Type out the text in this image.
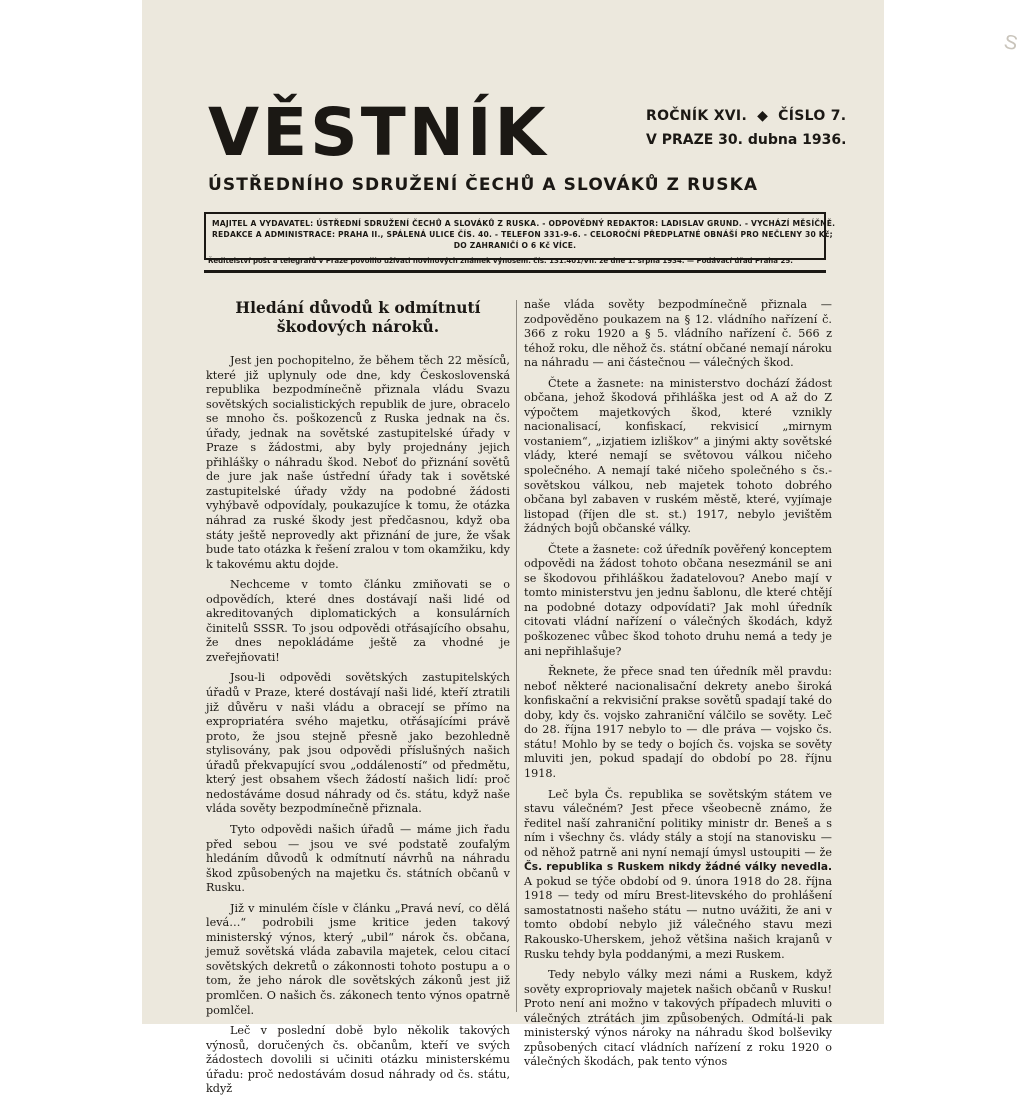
S
VĚSTNÍK	ROČNÍK XVI. ◆ ČÍSLO 7.
V PRAZE 30. dubna 1936.
ÚSTŘEDNÍHO SDRUŽENÍ ČECHŮ A SLOVÁKŮ Z RUSKA
MAJITEL A VYDAVATEL: ÚSTŘEDNÍ SDRUŽENÍ ČECHŮ A SLOVÁKŮ Z RUSKA. - ODPOVĚDNÝ REDAKTOR: LADISLAV GRUND. - VYCHÁZÍ MĚSÍČNĚ.
REDAKCE A ADMINISTRACE: PRAHA II., SPÁLENÁ ULICE ČÍS. 40. - TELEFON 331-9-6. - CELOROČNÍ PŘEDPLATNÉ OBNÁŠÍ PRO NEČLENY 30 Kč;
DO ZAHRANIČÍ O 6 Kč VÍCE.
Ředitelství pošt a telegrafů v Praze povolilo užívati novinových známek výnosem. čís. 131.401/VII. ze dne 1. srpna 1934. — Podávací úřad Praha 25.
Hledání důvodů k odmítnutí škodových nároků.

Jest jen pochopitelno, že během těch 22 měsíců, které již uplynuly ode dne, kdy Československá republika bezpodmínečně přiznala vládu Svazu sovětských socialistických republik de jure, obracelo se mnoho čs. poškozenců z Ruska jednak na čs. úřady, jednak na sovětské zastupitelské úřady v Praze s žádostmi, aby byly projednány jejich přihlášky o náhradu škod. Neboť do přiznání sovětů de jure jak naše ústřední úřady tak i sovětské zastupitelské úřady vždy na podobné žádosti vyhýbavě odpovídaly, poukazujíce k tomu, že otázka náhrad za ruské škody jest předčasnou, když oba státy ještě neprovedly akt přiznání de jure, že však bude tato otázka k řešení zralou v tom okamžiku, kdy k takovému aktu dojde.

Nechceme v tomto článku zmiňovati se o odpovědích, které dnes dostávají naši lidé od akreditovaných diplomatických a konsulárních činitelů SSSR. To jsou odpovědi otřásajícího obsahu, že dnes nepokládáme ještě za vhodné je zveřejňovati!

Jsou-li odpovědi sovětských zastupitelských úřadů v Praze, které dostávají naši lidé, kteří ztratili již důvěru v naši vládu a obracejí se přímo na expropriatéra svého majetku, otřásajícími právě proto, že jsou stejně přesně jako bezohledně stylisovány, pak jsou odpovědi příslušných našich úřadů překvapující svou „oddáleností“ od předmětu, který jest obsahem všech žádostí našich lidí: proč nedostáváme dosud náhrady od čs. státu, když naše vláda sověty bezpodmínečně přiznala.

Tyto odpovědi našich úřadů — máme jich řadu před sebou — jsou ve své podstatě zoufalým hledáním důvodů k odmítnutí návrhů na náhradu škod způsobených na majetku čs. státních občanů v Rusku.

Již v minulém čísle v článku „Pravá neví, co dělá levá…“ podrobili jsme kritice jeden takový ministerský výnos, který „ubil“ nárok čs. občana, jemuž sovětská vláda zabavila majetek, celou citací sovětských dekretů o zákonnosti tohoto postupu a o tom, že jeho nárok dle sovětských zákonů jest již promlčen. O našich čs. zákonech tento výnos opatrně pomlčel.

Leč v poslední době bylo několik takových výnosů, doručených čs. občanům, kteří ve svých žádostech dovolili si učiniti otázku ministerskému úřadu: proč nedostávám dosud náhrady od čs. státu, když

naše vláda sověty bezpodmínečně přiznala — zodpověděno poukazem na § 12. vládního nařízení č. 366 z roku 1920 a § 5. vládního nařízení č. 566 z téhož roku, dle něhož čs. státní občané nemají nároku na náhradu — ani částečnou — válečných škod.

Čtete a žasnete: na ministerstvo dochází žádost občana, jehož škodová přihláška jest od A až do Z výpočtem majetkových škod, které vznikly nacionalisací, konfiskací, rekvisicí „mirnym vostaniem“, „izjatiem izliškov“ a jinými akty sovětské vlády, které nemají se světovou válkou ničeho společného. A nemají také ničeho společného s čs.-sovětskou válkou, neb majetek tohoto dobrého občana byl zabaven v ruském městě, které, vyjímaje listopad (říjen dle st. st.) 1917, nebylo jevištěm žádných bojů občanské války.

Čtete a žasnete: což úředník pověřený konceptem odpovědi na žádost tohoto občana nesezmánil se ani se škodovou přihláškou žadatelovou? Anebo mají v tomto ministerstvu jen jednu šablonu, dle které chtějí na podobné dotazy odpovídati? Jak mohl úředník citovati vládní nařízení o válečných škodách, když poškozenec vůbec škod tohoto druhu nemá a tedy je ani nepřihlašuje?

Řeknete, že přece snad ten úředník měl pravdu: neboť některé nacionalisační dekrety anebo široká konfiskační a rekvisiční prakse sovětů spadají také do doby, kdy čs. vojsko zahraniční válčilo se sověty. Leč do 28. října 1917 nebylo to — dle práva — vojsko čs. státu! Mohlo by se tedy o bojích čs. vojska se sověty mluviti jen, pokud spadají do období po 28. říjnu 1918.

Leč byla Čs. republika se sovětským státem ve stavu válečném? Jest přece všeobecně známo, že ředitel naší zahraniční politiky ministr dr. Beneš a s ním i všechny čs. vlády stály a stojí na stanovisku — od něhož patrně ani nyní nemají úmysl ustoupiti — že Čs. republika s Ruskem nikdy žádné války nevedla. A pokud se týče období od 9. února 1918 do 28. října 1918 — tedy od míru Brest-litevského do prohlášení samostatnosti našeho státu — nutno uvážiti, že ani v tomto období nebylo již válečného stavu mezi Rakousko-Uherskem, jehož většina našich krajanů v Rusku tehdy byla poddanými, a mezi Ruskem.

Tedy nebylo války mezi námi a Ruskem, když sověty expropriovaly majetek našich občanů v Rusku! Proto není ani možno v takových případech mluviti o válečných ztrátách jim způsobených. Odmítá-li pak ministerský výnos nároky na náhradu škod bolševiky způsobených citací vládních nařízení z roku 1920 o válečných škodách, pak tento výnos
